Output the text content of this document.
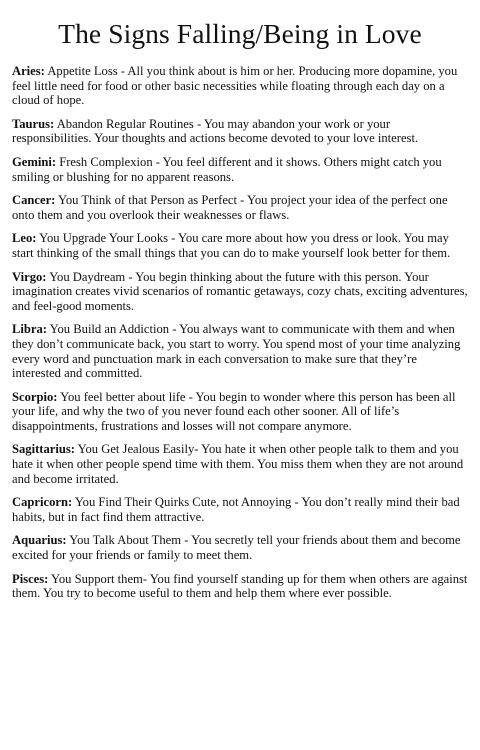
The Signs Falling/Being in Love

Aries: Appetite Loss - All you think about is him or her. Producing more dopamine, you feel little need for food or other basic necessities while floating through each day on a cloud of hope.

Taurus: Abandon Regular Routines - You may abandon your work or your responsibilities. Your thoughts and actions become devoted to your love interest.

Gemini: Fresh Complexion - You feel different and it shows. Others might catch you smiling or blushing for no apparent reasons.

Cancer: You Think of that Person as Perfect - You project your idea of the perfect one onto them and you overlook their weaknesses or flaws.

Leo: You Upgrade Your Looks - You care more about how you dress or look. You may start thinking of the small things that you can do to make yourself look better for them.

Virgo: You Daydream - You begin thinking about the future with this person. Your imagination creates vivid scenarios of romantic getaways, cozy chats, exciting adventures, and feel-good moments.

Libra: You Build an Addiction - You always want to communicate with them and when they don’t communicate back, you start to worry. You spend most of your time analyzing every word and punctuation mark in each conversation to make sure that they’re interested and committed.

Scorpio: You feel better about life - You begin to wonder where this person has been all your life, and why the two of you never found each other sooner. All of life’s disappointments, frustrations and losses will not compare anymore.

Sagittarius: You Get Jealous Easily- You hate it when other people talk to them and you hate it when other people spend time with them. You miss them when they are not around and become irritated.

Capricorn: You Find Their Quirks Cute, not Annoying - You don’t really mind their bad habits, but in fact find them attractive.

Aquarius: You Talk About Them - You secretly tell your friends about them and become excited for your friends or family to meet them.

Pisces: You Support them- You find yourself standing up for them when others are against them. You try to become useful to them and help them where ever possible.
